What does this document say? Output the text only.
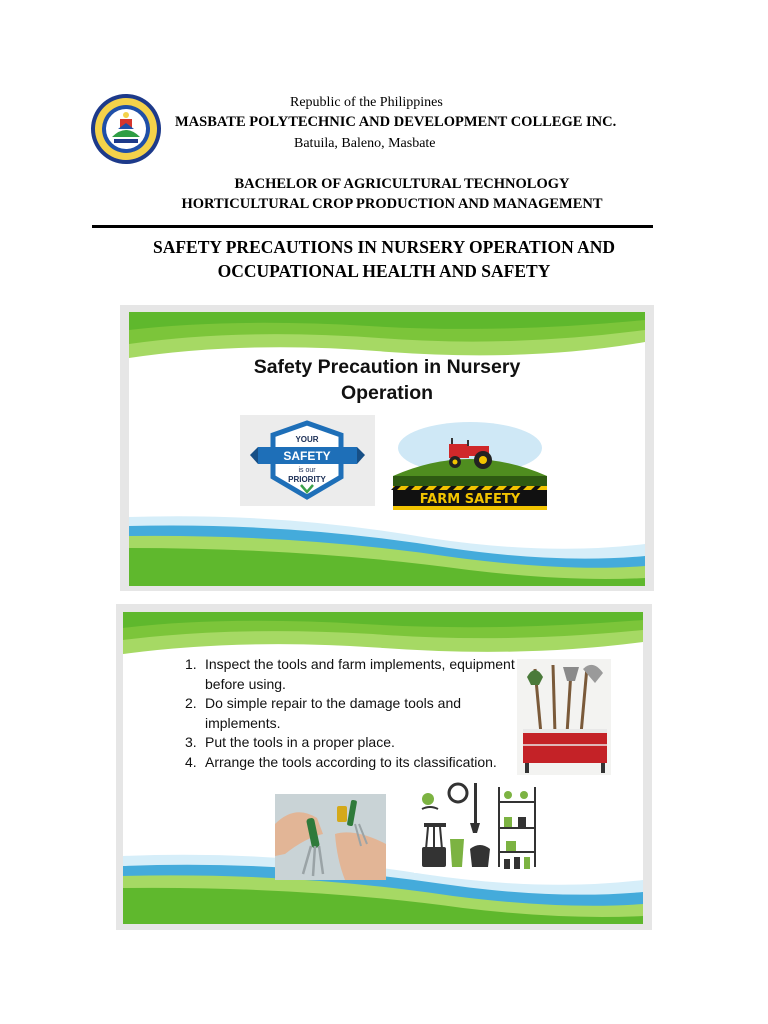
Republic of the Philippines
MASBATE POLYTECHNIC AND DEVELOPMENT COLLEGE INC.
Batuila, Baleno, Masbate
BACHELOR OF AGRICULTURAL TECHNOLOGY
HORTICULTURAL CROP PRODUCTION AND MANAGEMENT
SAFETY PRECAUTIONS IN NURSERY OPERATION AND
OCCUPATIONAL HEALTH AND SAFETY
Safety Precaution in Nursery
Operation
YOUR
SAFETY
is our
PRIORITY
FARM SAFETY
1. Inspect the tools and farm implements, equipment before using.
2. Do simple repair to the damage tools and implements.
3. Put the tools in a proper place.
4. Arrange the tools according to its classification.
